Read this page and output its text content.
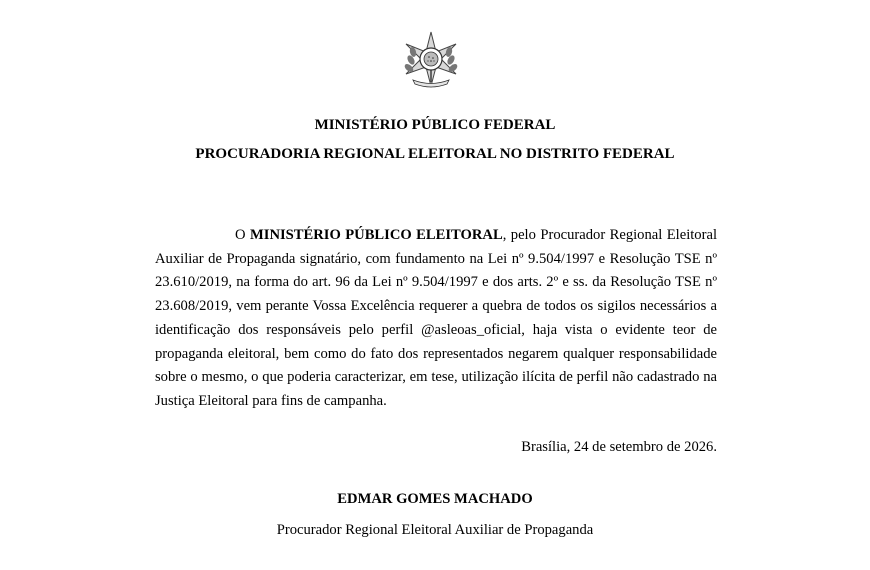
MINISTÉRIO PÚBLICO FEDERAL
PROCURADORIA REGIONAL ELEITORAL NO DISTRITO FEDERAL

O MINISTÉRIO PÚBLICO ELEITORAL, pelo Procurador Regional Eleitoral Auxiliar de Propaganda signatário, com fundamento na Lei nº 9.504/1997 e Resolução TSE nº 23.610/2019, na forma do art. 96 da Lei nº 9.504/1997 e dos arts. 2º e ss. da Resolução TSE nº 23.608/2019, vem perante Vossa Excelência requerer a quebra de todos os sigilos necessários a identificação dos responsáveis pelo perfil @asleoas_oficial, haja vista o evidente teor de propaganda eleitoral, bem como do fato dos representados negarem qualquer responsabilidade sobre o mesmo, o que poderia caracterizar, em tese, utilização ilícita de perfil não cadastrado na Justiça Eleitoral para fins de campanha.

Brasília, 24 de setembro de 2026.
EDMAR GOMES MACHADO
Procurador Regional Eleitoral Auxiliar de Propaganda
